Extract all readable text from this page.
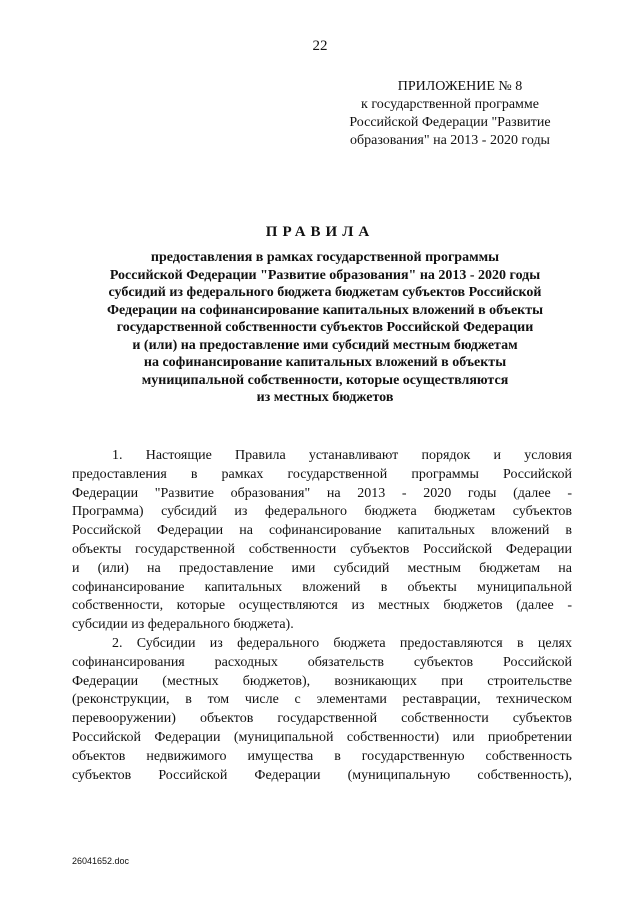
22
ПРИЛОЖЕНИЕ № 8
к государственной программе
Российской Федерации "Развитие
образования" на 2013 - 2020 годы
ПРАВИЛА
предоставления в рамках государственной программы
Российской Федерации "Развитие образования" на 2013 - 2020 годы
субсидий из федерального бюджета бюджетам субъектов Российской
Федерации на софинансирование капитальных вложений в объекты
государственной собственности субъектов Российской Федерации
и (или) на предоставление ими субсидий местным бюджетам
на софинансирование капитальных вложений в объекты
муниципальной собственности, которые осуществляются
из местных бюджетов
1. Настоящие Правила устанавливают порядок и условия
предоставления в рамках государственной программы Российской
Федерации "Развитие образования" на 2013 - 2020 годы (далее -
Программа) субсидий из федерального бюджета бюджетам субъектов
Российской Федерации на софинансирование капитальных вложений в
объекты государственной собственности субъектов Российской Федерации
и (или) на предоставление ими субсидий местным бюджетам на
софинансирование капитальных вложений в объекты муниципальной
собственности, которые осуществляются из местных бюджетов (далее -
субсидии из федерального бюджета).
2. Субсидии из федерального бюджета предоставляются в целях
софинансирования расходных обязательств субъектов Российской
Федерации (местных бюджетов), возникающих при строительстве
(реконструкции, в том числе с элементами реставрации, техническом
перевооружении) объектов государственной собственности субъектов
Российской Федерации (муниципальной собственности) или приобретении
объектов недвижимого имущества в государственную собственность
субъектов Российской Федерации (муниципальную собственность),
26041652.doc
